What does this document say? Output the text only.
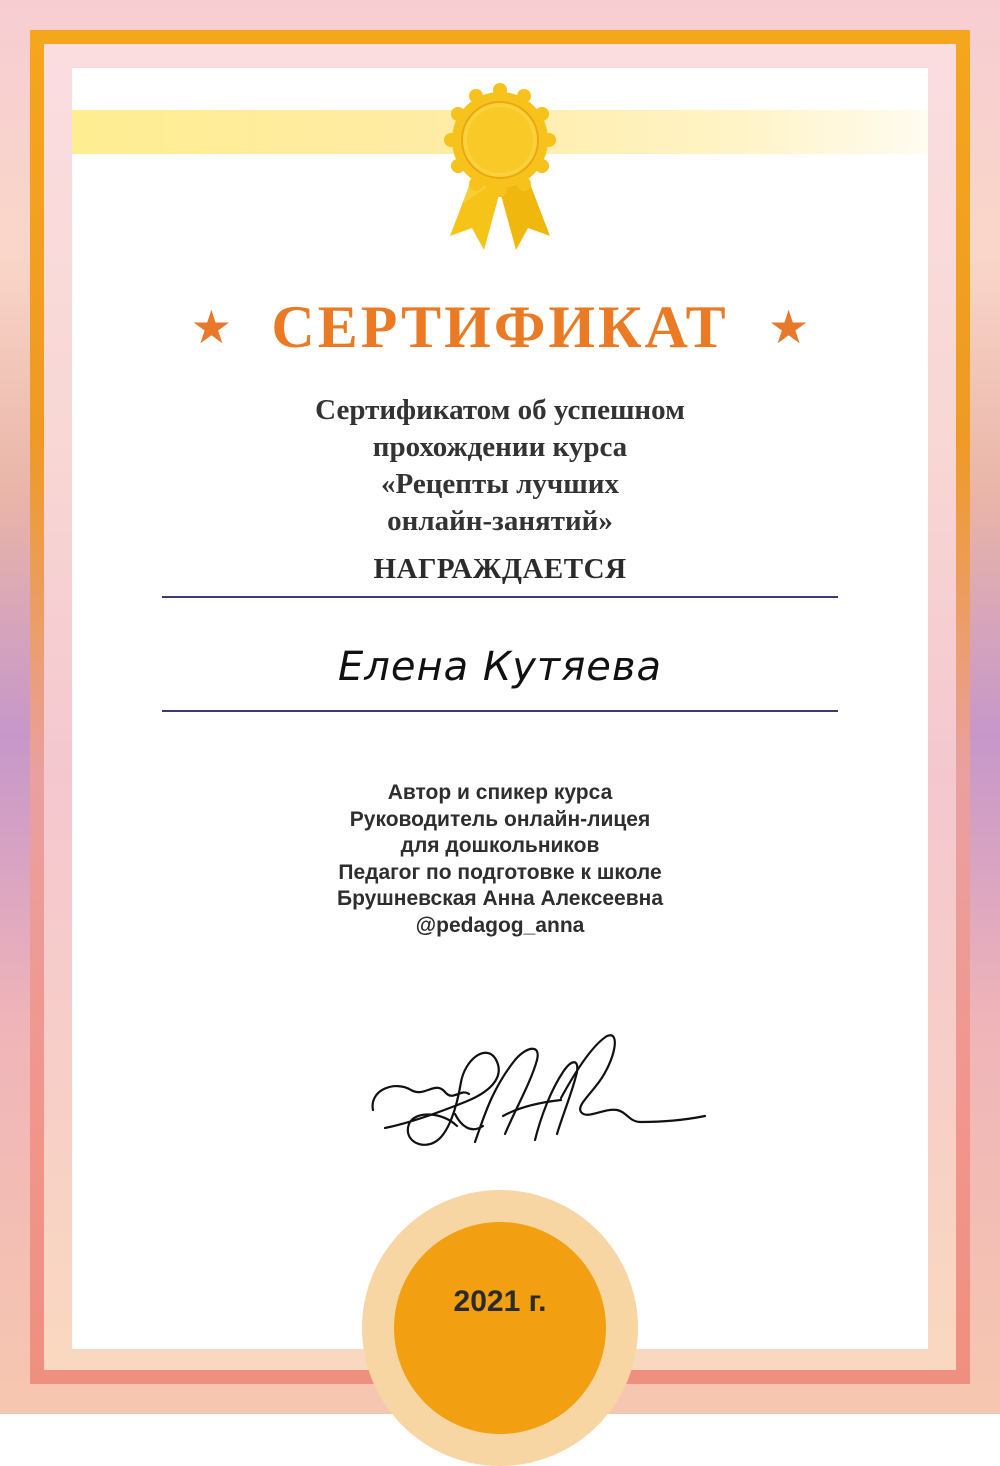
★ СЕРТИФИКАТ ★
Сертификатом об успешном
прохождении курса
«Рецепты лучших
онлайн-занятий»
НАГРАЖДАЕТСЯ
Елена Кутяева
Автор и спикер курса
Руководитель онлайн-лицея
для дошкольников
Педагог по подготовке к школе
Брушневская Анна Алексеевна
@pedagog_anna
2021 г.
